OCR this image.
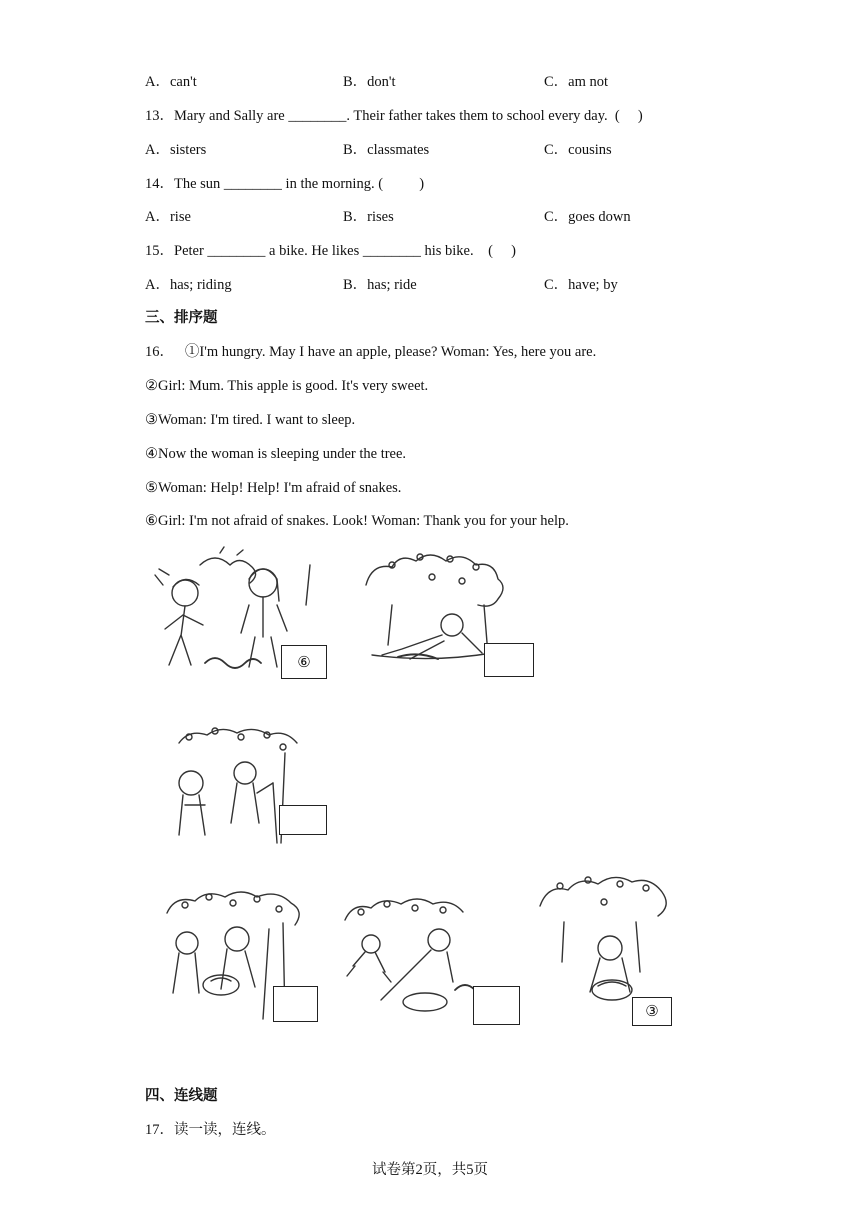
A．can't	B．don't	C．am not
13．Mary and Sally are ________. Their father takes them to school every day.  (     )
A．sisters	B．classmates	C．cousins
14．The sun ________ in the morning. (          )
A．rise	B．rises	C．goes down
15．Peter ________ a bike. He likes ________ his bike.    (     )
A．has; riding	B．has; ride	C．have; by
三、排序题
16．   ①I'm hungry. May I have an apple, please? Woman: Yes, here you are.
②Girl: Mum. This apple is good. It's very sweet.
③Woman: I'm tired. I want to sleep.
④Now the woman is sleeping under the tree.
⑤Woman: Help! Help! I'm afraid of snakes.
⑥Girl: I'm not afraid of snakes. Look! Woman: Thank you for your help.
⑥
③
四、连线题
17．读一读，连线。
试卷第2页，共5页
